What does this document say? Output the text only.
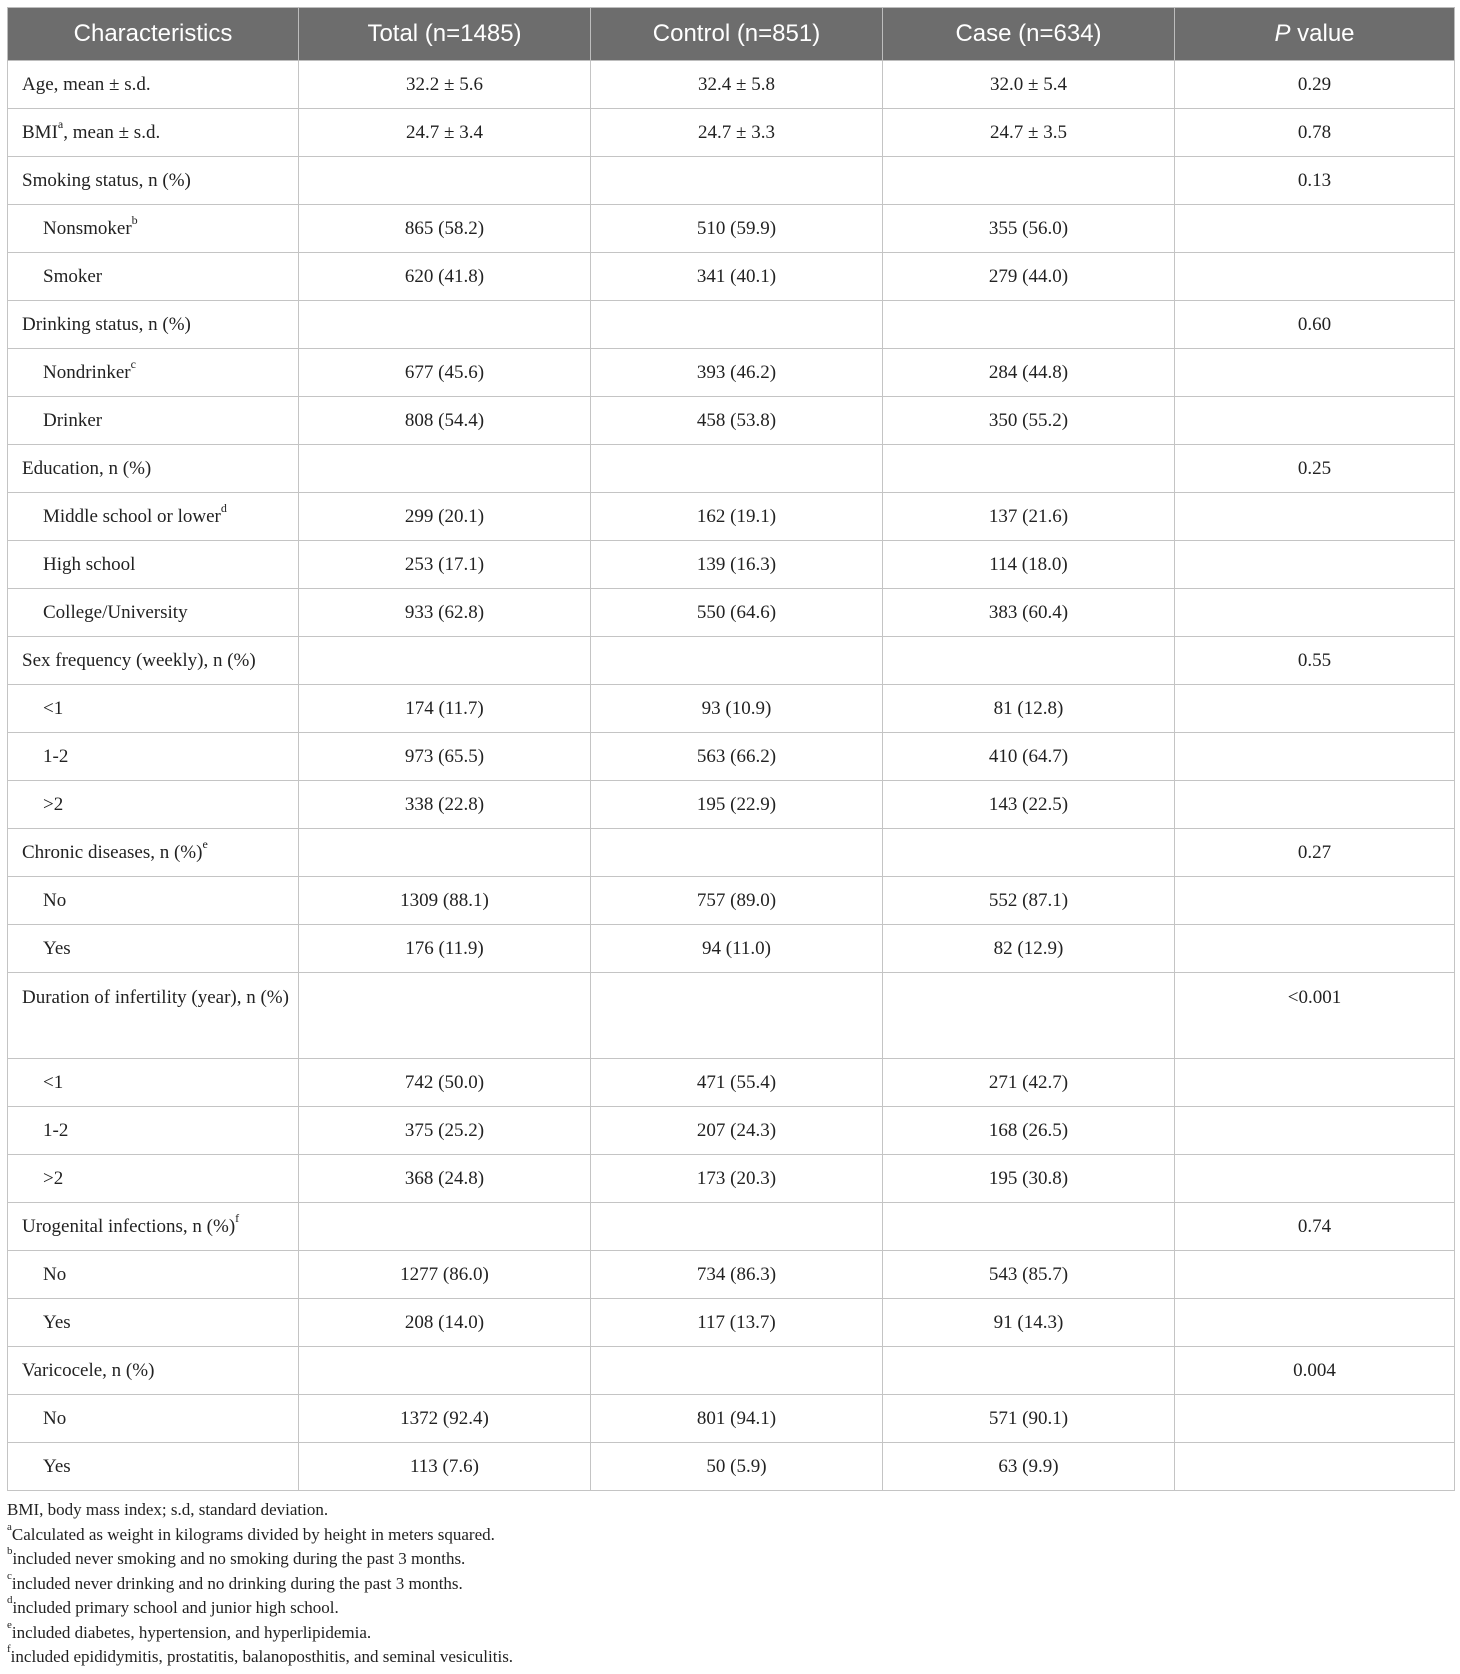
Characteristics	Total (n=1485)	Control (n=851)	Case (n=634)	P value
Age, mean ± s.d.	32.2 ± 5.6	32.4 ± 5.8	32.0 ± 5.4	0.29
BMI$^a$, mean ± s.d.	24.7 ± 3.4	24.7 ± 3.3	24.7 ± 3.5	0.78
Smoking status, n (%)				0.13
Nonsmoker$^b$	865 (58.2)	510 (59.9)	355 (56.0)	
Smoker	620 (41.8)	341 (40.1)	279 (44.0)	
Drinking status, n (%)				0.60
Nondrinker$^c$	677 (45.6)	393 (46.2)	284 (44.8)	
Drinker	808 (54.4)	458 (53.8)	350 (55.2)	
Education, n (%)				0.25
Middle school or lower$^d$	299 (20.1)	162 (19.1)	137 (21.6)	
High school	253 (17.1)	139 (16.3)	114 (18.0)	
College/University	933 (62.8)	550 (64.6)	383 (60.4)	
Sex frequency (weekly), n (%)				0.55
<1	174 (11.7)	93 (10.9)	81 (12.8)	
1-2	973 (65.5)	563 (66.2)	410 (64.7)	
>2	338 (22.8)	195 (22.9)	143 (22.5)	
Chronic diseases, n (%)$^e$				0.27
No	1309 (88.1)	757 (89.0)	552 (87.1)	
Yes	176 (11.9)	94 (11.0)	82 (12.9)	
Duration of infertility (year), n (%)				<0.001
<1	742 (50.0)	471 (55.4)	271 (42.7)	
1-2	375 (25.2)	207 (24.3)	168 (26.5)	
>2	368 (24.8)	173 (20.3)	195 (30.8)	
Urogenital infections, n (%)$^f$				0.74
No	1277 (86.0)	734 (86.3)	543 (85.7)	
Yes	208 (14.0)	117 (13.7)	91 (14.3)	
Varicocele, n (%)				0.004
No	1372 (92.4)	801 (94.1)	571 (90.1)	
Yes	113 (7.6)	50 (5.9)	63 (9.9)	
BMI, body mass index; s.d, standard deviation.
$^a$Calculated as weight in kilograms divided by height in meters squared.
$^b$included never smoking and no smoking during the past 3 months.
$^c$included never drinking and no drinking during the past 3 months.
$^d$included primary school and junior high school.
$^e$included diabetes, hypertension, and hyperlipidemia.
$^f$included epididymitis, prostatitis, balanoposthitis, and seminal vesiculitis.
